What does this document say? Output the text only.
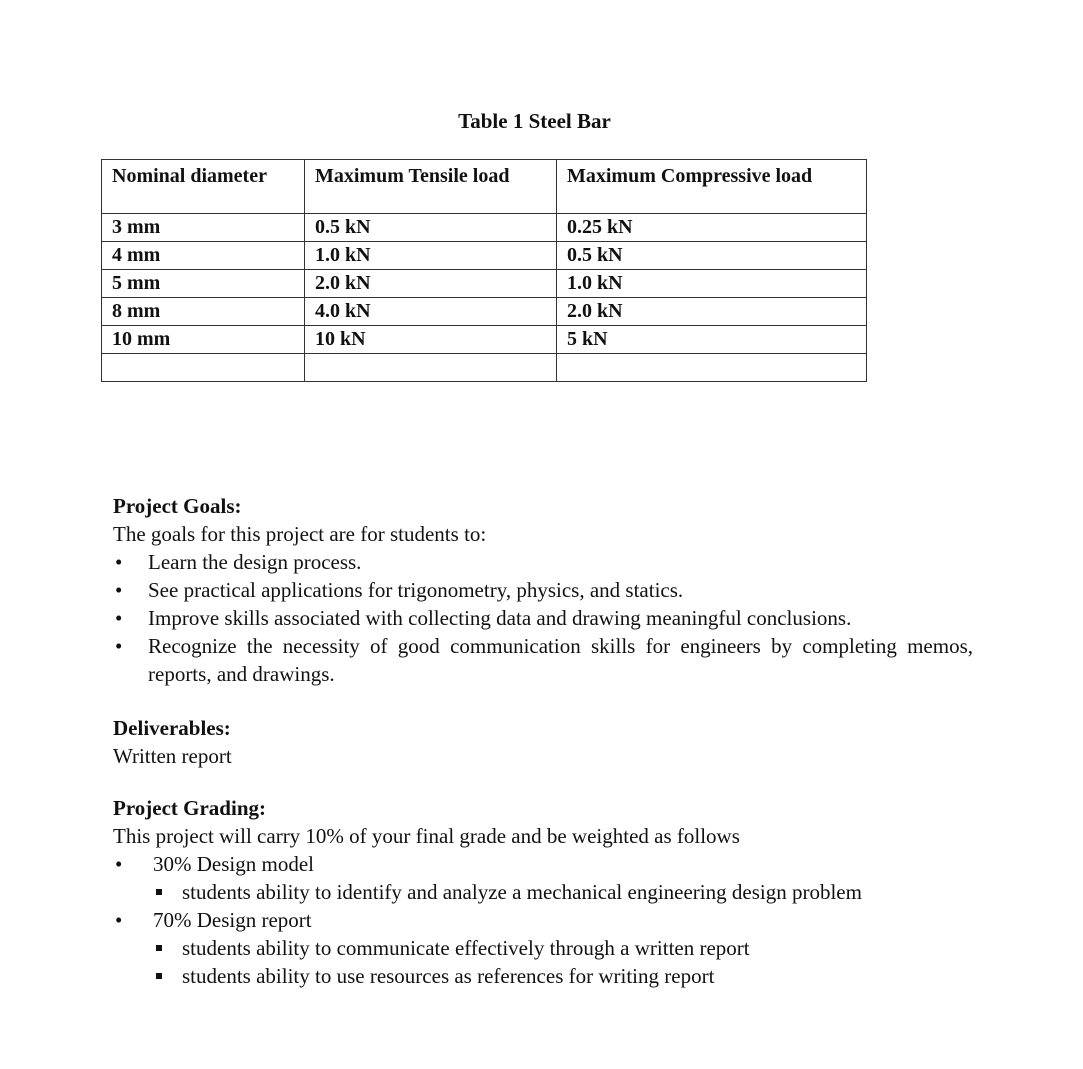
Table 1 Steel Bar

Nominal diameter	Maximum Tensile load	Maximum Compressive load
3 mm	0.5 kN	0.25 kN
4 mm	1.0 kN	0.5 kN
5 mm	2.0 kN	1.0 kN
8 mm	4.0 kN	2.0 kN
10 mm	10 kN	5 kN

Project Goals:

The goals for this project are for students to:

• Learn the design process.
• See practical applications for trigonometry, physics, and statics.
• Improve skills associated with collecting data and drawing meaningful conclusions.
• Recognize the necessity of good communication skills for engineers by completing memos, reports, and drawings.

Deliverables:

Written report

Project Grading:

This project will carry 10% of your final grade and be weighted as follows

• 30% Design model
students ability to identify and analyze a mechanical engineering design problem
• 70% Design report
students ability to communicate effectively through a written report
students ability to use resources as references for writing report
